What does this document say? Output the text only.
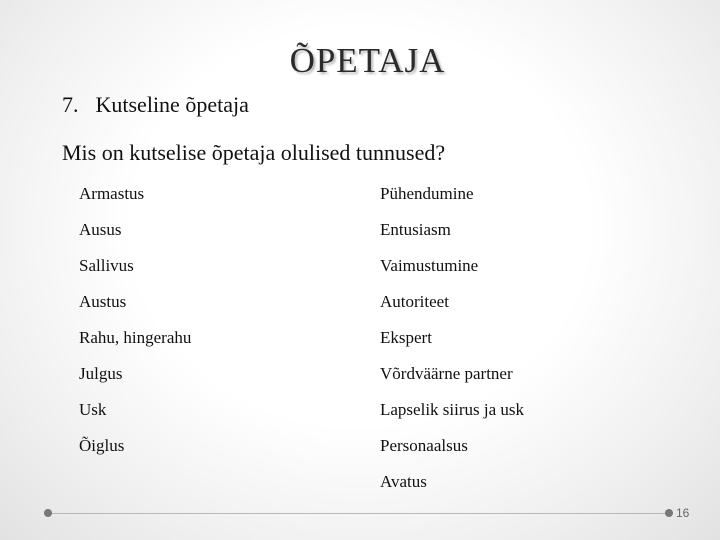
ÕPETAJA
7. Kutseline õpetaja
Mis on kutselise õpetaja olulised tunnused?
Armastus
Ausus
Sallivus
Austus
Rahu, hingerahu
Julgus
Usk
Õiglus
Pühendumine
Entusiasm
Vaimustumine
Autoriteet
Ekspert
Võrdväärne partner
Lapselik siirus ja usk
Personaalsus
Avatus
16
